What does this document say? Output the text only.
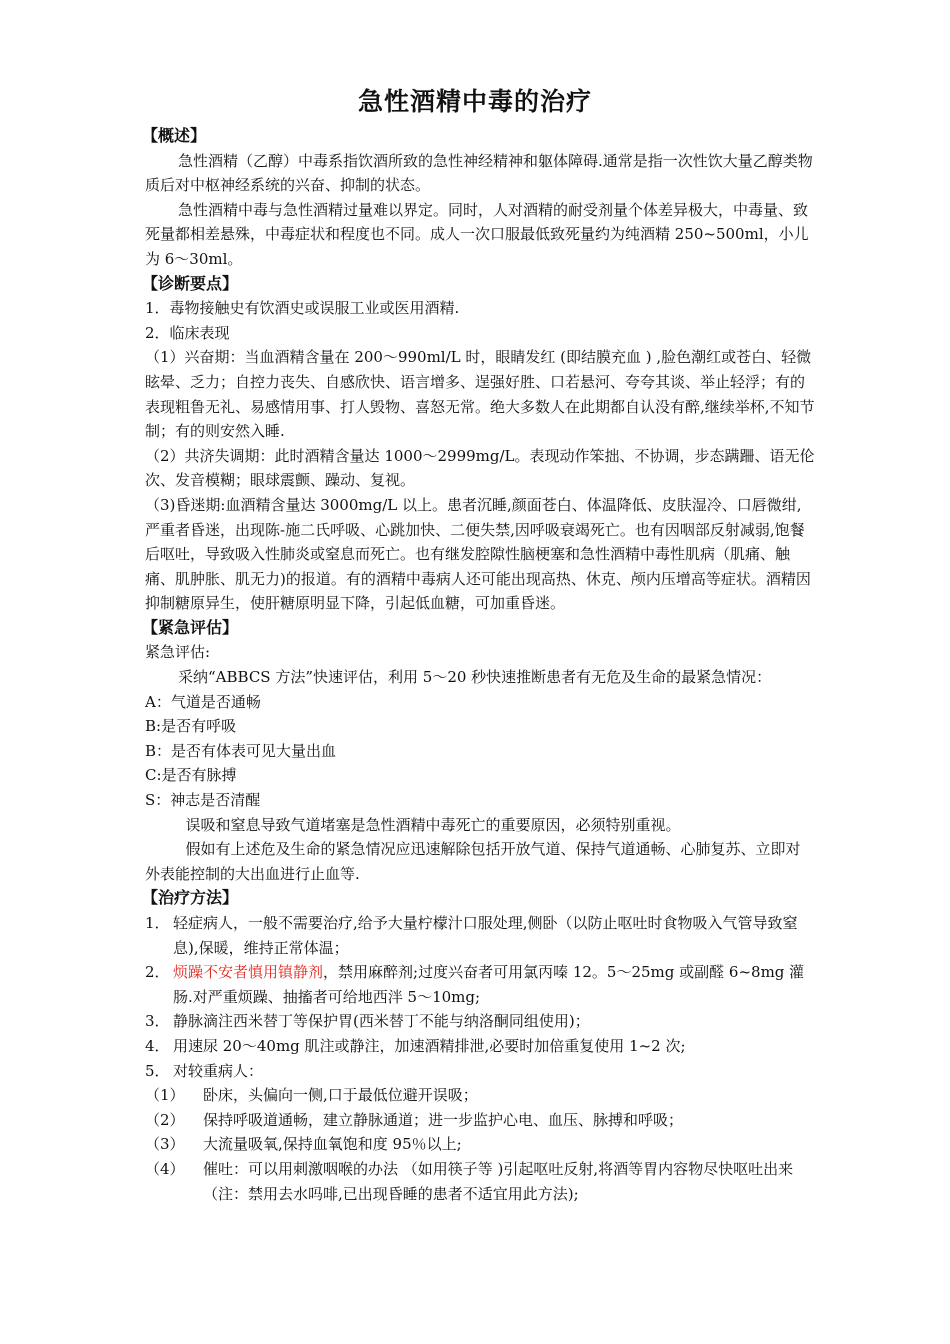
急性酒精中毒的治疗
【概述】

急性酒精（乙醇）中毒系指饮酒所致的急性神经精神和躯体障碍.通常是指一次性饮大量乙醇类物质后对中枢神经系统的兴奋、抑制的状态。

急性酒精中毒与急性酒精过量难以界定。同时，人对酒精的耐受剂量个体差异极大，中毒量、致死量都相差悬殊，中毒症状和程度也不同。成人一次口服最低致死量约为纯酒精 250~500ml，小儿为 6～30ml。

【诊断要点】

1．毒物接触史有饮酒史或误服工业或医用酒精.

2．临床表现

（1）兴奋期：当血酒精含量在 200～990ml/L 时，眼睛发红 (即结膜充血 ) ,脸色潮红或苍白、轻微眩晕、乏力；自控力丧失、自感欣快、语言增多、逞强好胜、口若悬河、夸夸其谈、举止轻浮；有的表现粗鲁无礼、易感情用事、打人毁物、喜怒无常。绝大多数人在此期都自认没有醉,继续举杯,不知节制；有的则安然入睡.

（2）共济失调期：此时酒精含量达 1000～2999mg/L。表现动作笨拙、不协调，步态蹒跚、语无伦次、发音模糊；眼球震颤、躁动、复视。

（3)昏迷期:血酒精含量达 3000mg/L 以上。患者沉睡,颜面苍白、体温降低、皮肤湿冷、口唇微绀,严重者昏迷，出现陈-施二氏呼吸、心跳加快、二便失禁,因呼吸衰竭死亡。也有因咽部反射减弱,饱餐后呕吐，导致吸入性肺炎或窒息而死亡。也有继发腔隙性脑梗塞和急性酒精中毒性肌病（肌痛、触痛、肌肿胀、肌无力)的报道。有的酒精中毒病人还可能出现高热、休克、颅内压增高等症状。酒精因抑制糖原异生，使肝糖原明显下降，引起低血糖，可加重昏迷。

【紧急评估】

紧急评估:

采纳“ABBCS 方法”快速评估，利用 5～20 秒快速推断患者有无危及生命的最紧急情况：

A：气道是否通畅

B:是否有呼吸

B：是否有体表可见大量出血

C:是否有脉搏

S：神志是否清醒

误吸和窒息导致气道堵塞是急性酒精中毒死亡的重要原因，必须特别重视。

假如有上述危及生命的紧急情况应迅速解除包括开放气道、保持气道通畅、心肺复苏、立即对外表能控制的大出血进行止血等.

【治疗方法】
1． 轻症病人，一般不需要治疗,给予大量柠檬汁口服处理,侧卧（以防止呕吐时食物吸入气管导致窒息),保暖，维持正常体温；
2． 烦躁不安者慎用镇静剂，禁用麻醉剂;过度兴奋者可用氯丙嗪 12。5～25mg 或副醛 6~8mg 灌肠.对严重烦躁、抽搐者可给地西泮 5～10mg;
3． 静脉滴注西米替丁等保护胃(西米替丁不能与纳洛酮同组使用)；
4． 用速尿 20～40mg 肌注或静注，加速酒精排泄,必要时加倍重复使用 1~2 次;
5． 对较重病人：
（1）	卧床，头偏向一侧,口于最低位避开误吸；
（2）	保持呼吸道通畅，建立静脉通道；进一步监护心电、血压、脉搏和呼吸；
（3）	大流量吸氧,保持血氧饱和度 95％以上;
（4）	催吐：可以用刺激咽喉的办法 （如用筷子等 )引起呕吐反射,将酒等胃内容物尽快呕吐出来（注：禁用去水吗啡,已出现昏睡的患者不适宜用此方法);
